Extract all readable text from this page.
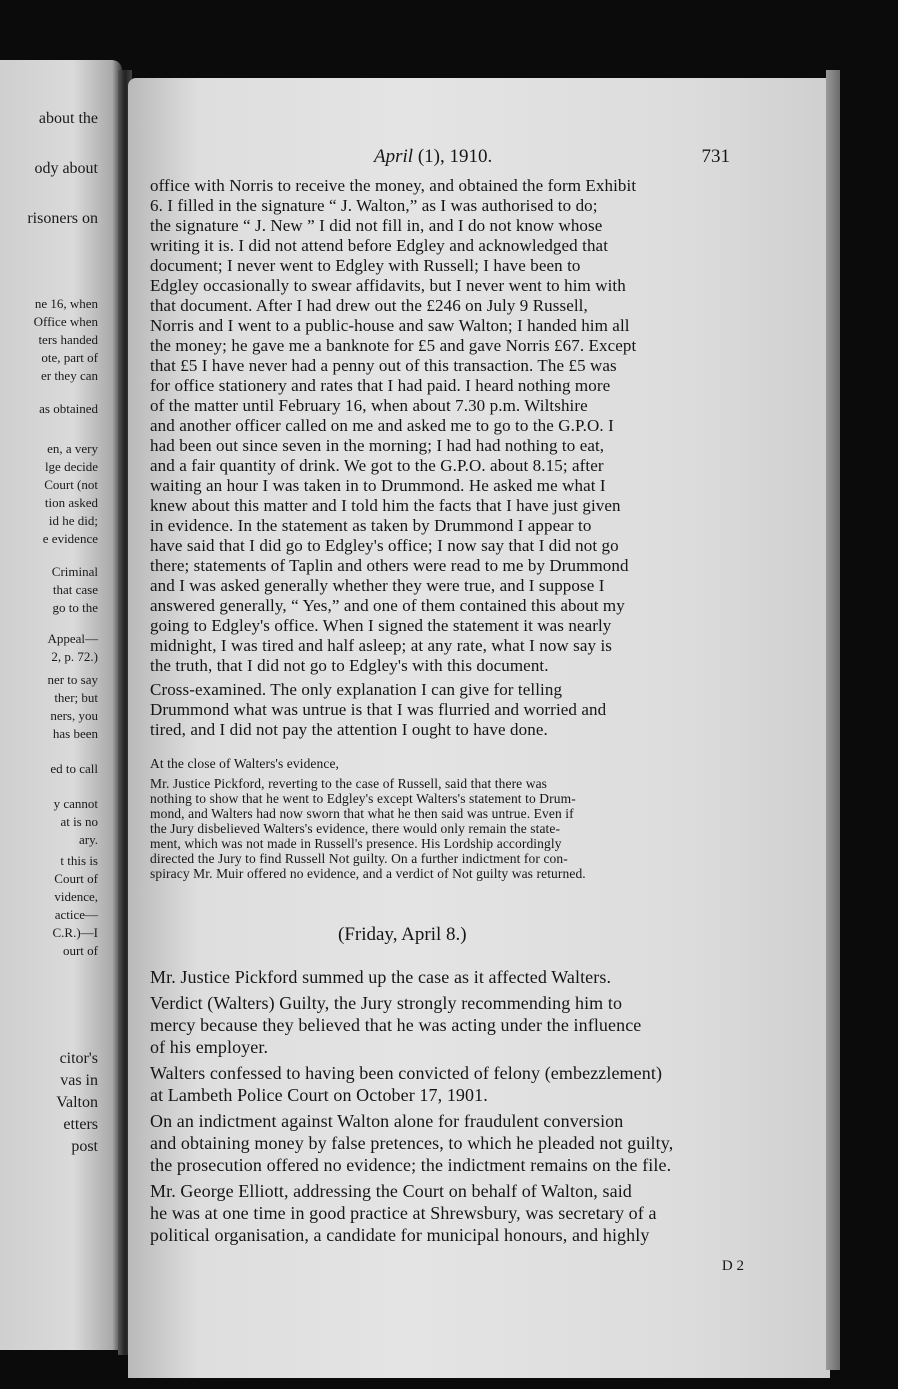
about the
ody about
risoners on
ne 16, when
Office when
ters handed
ote, part of
er they can
as obtained
en, a very
lge decide
Court (not
tion asked
id he did;
e evidence
Criminal
that case
go to the
Appeal—
2, p. 72.)
ner to say
ther; but
ners, you
has been
ed to call
y cannot
at is no
ary.
t this is
Court of
vidence,
actice—
C.R.)—I
ourt of
citor's
vas in
Valton
etters
post
April (1), 1910.	731
office with Norris to receive the money, and obtained the form Exhibit
6. I filled in the signature “ J. Walton,” as I was authorised to do;
the signature “ J. New ” I did not fill in, and I do not know whose
writing it is. I did not attend before Edgley and acknowledged that
document; I never went to Edgley with Russell; I have been to
Edgley occasionally to swear affidavits, but I never went to him with
that document. After I had drew out the £246 on July 9 Russell,
Norris and I went to a public-house and saw Walton; I handed him all
the money; he gave me a banknote for £5 and gave Norris £67. Except
that £5 I have never had a penny out of this transaction. The £5 was
for office stationery and rates that I had paid. I heard nothing more
of the matter until February 16, when about 7.30 p.m. Wiltshire
and another officer called on me and asked me to go to the G.P.O. I
had been out since seven in the morning; I had had nothing to eat,
and a fair quantity of drink. We got to the G.P.O. about 8.15; after
waiting an hour I was taken in to Drummond. He asked me what I
knew about this matter and I told him the facts that I have just given
in evidence. In the statement as taken by Drummond I appear to
have said that I did go to Edgley's office; I now say that I did not go
there; statements of Taplin and others were read to me by Drummond
and I was asked generally whether they were true, and I suppose I
answered generally, “ Yes,” and one of them contained this about my
going to Edgley's office. When I signed the statement it was nearly
midnight, I was tired and half asleep; at any rate, what I now say is
the truth, that I did not go to Edgley's with this document.
Cross-examined. The only explanation I can give for telling
Drummond what was untrue is that I was flurried and worried and
tired, and I did not pay the attention I ought to have done.
At the close of Walters's evidence,
Mr. Justice Pickford, reverting to the case of Russell, said that there was
nothing to show that he went to Edgley's except Walters's statement to Drum-
mond, and Walters had now sworn that what he then said was untrue. Even if
the Jury disbelieved Walters's evidence, there would only remain the state-
ment, which was not made in Russell's presence. His Lordship accordingly
directed the Jury to find Russell Not guilty. On a further indictment for con-
spiracy Mr. Muir offered no evidence, and a verdict of Not guilty was returned.
Mr. Justice Pickford summed up the case as it affected Walters.
Verdict (Walters) Guilty, the Jury strongly recommending him to
mercy because they believed that he was acting under the influence
of his employer.
Walters confessed to having been convicted of felony (embezzlement)
at Lambeth Police Court on October 17, 1901.
On an indictment against Walton alone for fraudulent conversion
and obtaining money by false pretences, to which he pleaded not guilty,
the prosecution offered no evidence; the indictment remains on the file.
Mr. George Elliott, addressing the Court on behalf of Walton, said
he was at one time in good practice at Shrewsbury, was secretary of a
political organisation, a candidate for municipal honours, and highly
(Friday, April 8.)
D 2
